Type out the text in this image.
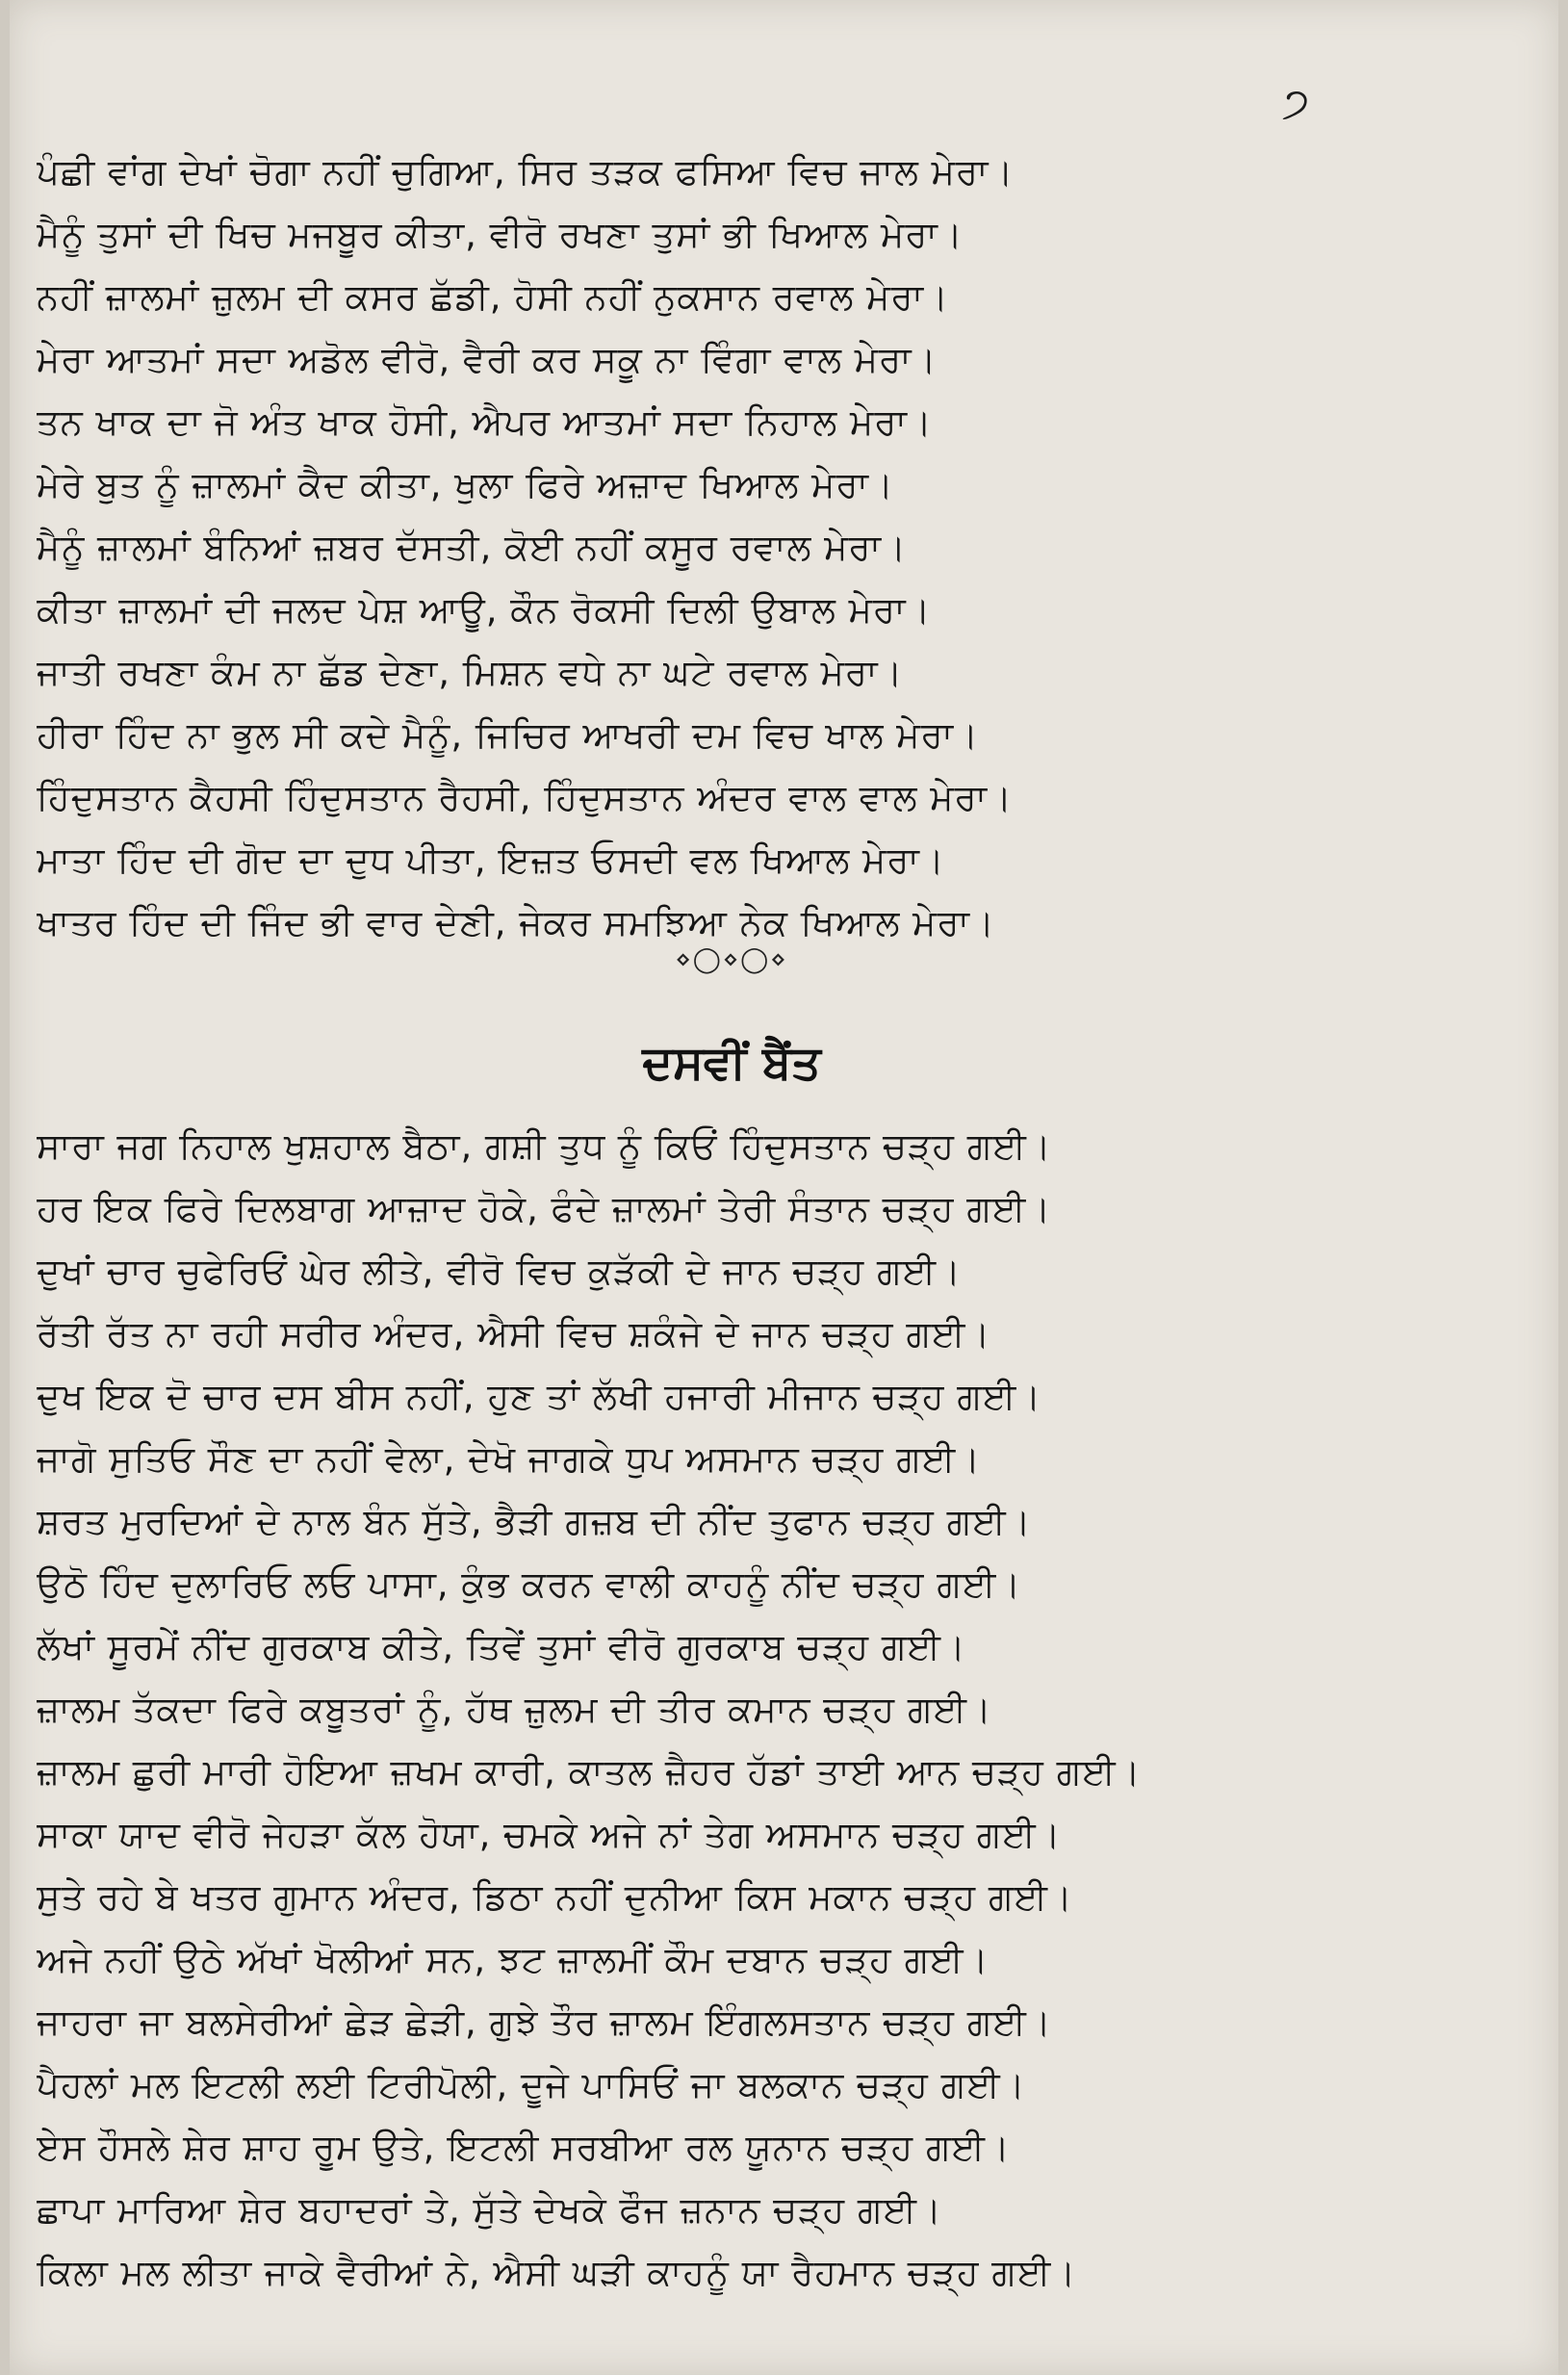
੭
ਪੰਛੀ ਵਾਂਗ ਦੇਖਾਂ ਚੋਗਾ ਨਹੀਂ ਚੁਗਿਆ, ਸਿਰ ਤੜਕ ਫਸਿਆ ਵਿਚ ਜਾਲ ਮੇਰਾ।
ਮੈਨੂੰ ਤੁਸਾਂ ਦੀ ਖਿਚ ਮਜਬੂਰ ਕੀਤਾ, ਵੀਰੋ ਰਖਣਾ ਤੁਸਾਂ ਭੀ ਖਿਆਲ ਮੇਰਾ।
ਨਹੀਂ ਜ਼ਾਲਮਾਂ ਜ਼ੁਲਮ ਦੀ ਕਸਰ ਛੱਡੀ, ਹੋਸੀ ਨਹੀਂ ਨੁਕਸਾਨ ਰਵਾਲ ਮੇਰਾ।
ਮੇਰਾ ਆਤਮਾਂ ਸਦਾ ਅਡੋਲ ਵੀਰੋ, ਵੈਰੀ ਕਰ ਸਕੂ ਨਾ ਵਿੰਗਾ ਵਾਲ ਮੇਰਾ।
ਤਨ ਖਾਕ ਦਾ ਜੋ ਅੰਤ ਖਾਕ ਹੋਸੀ, ਐਪਰ ਆਤਮਾਂ ਸਦਾ ਨਿਹਾਲ ਮੇਰਾ।
ਮੇਰੇ ਬੁਤ ਨੂੰ ਜ਼ਾਲਮਾਂ ਕੈਦ ਕੀਤਾ, ਖੁਲਾ ਫਿਰੇ ਅਜ਼ਾਦ ਖਿਆਲ ਮੇਰਾ।
ਮੈਨੂੰ ਜ਼ਾਲਮਾਂ ਬੰਨਿਆਂ ਜ਼ਬਰ ਦੱਸਤੀ, ਕੋਈ ਨਹੀਂ ਕਸੂਰ ਰਵਾਲ ਮੇਰਾ।
ਕੀਤਾ ਜ਼ਾਲਮਾਂ ਦੀ ਜਲਦ ਪੇਸ਼ ਆਊ, ਕੌਨ ਰੋਕਸੀ ਦਿਲੀ ਉਬਾਲ ਮੇਰਾ।
ਜਾਤੀ ਰਖਣਾ ਕੰਮ ਨਾ ਛੱਡ ਦੇਣਾ, ਮਿਸ਼ਨ ਵਧੇ ਨਾ ਘਟੇ ਰਵਾਲ ਮੇਰਾ।
ਹੀਰਾ ਹਿੰਦ ਨਾ ਭੁਲ ਸੀ ਕਦੇ ਮੈਨੂੰ, ਜਿਚਿਰ ਆਖਰੀ ਦਮ ਵਿਚ ਖਾਲ ਮੇਰਾ।
ਹਿੰਦੁਸਤਾਨ ਕੈਹਸੀ ਹਿੰਦੁਸਤਾਨ ਰੈਹਸੀ, ਹਿੰਦੁਸਤਾਨ ਅੰਦਰ ਵਾਲ ਵਾਲ ਮੇਰਾ।
ਮਾਤਾ ਹਿੰਦ ਦੀ ਗੋਦ ਦਾ ਦੁਧ ਪੀਤਾ, ਇਜ਼ਤ ਓਸਦੀ ਵਲ ਖਿਆਲ ਮੇਰਾ।
ਖਾਤਰ ਹਿੰਦ ਦੀ ਜਿੰਦ ਭੀ ਵਾਰ ਦੇਣੀ, ਜੇਕਰ ਸਮਝਿਆ ਨੇਕ ਖਿਆਲ ਮੇਰਾ।
⋄◯⋄◯⋄
ਦਸਵੀਂ ਬੈਂਤ
ਸਾਰਾ ਜਗ ਨਿਹਾਲ ਖੁਸ਼ਹਾਲ ਬੈਠਾ, ਗਸ਼ੀ ਤੁਧ ਨੂੰ ਕਿਓਂ ਹਿੰਦੁਸਤਾਨ ਚੜ੍ਹ ਗਈ।
ਹਰ ਇਕ ਫਿਰੇ ਦਿਲਬਾਗ ਆਜ਼ਾਦ ਹੋਕੇ, ਫੰਦੇ ਜ਼ਾਲਮਾਂ ਤੇਰੀ ਸੰਤਾਨ ਚੜ੍ਹ ਗਈ।
ਦੁਖਾਂ ਚਾਰ ਚੁਫੇਰਿਓਂ ਘੇਰ ਲੀਤੇ, ਵੀਰੋ ਵਿਚ ਕੁੜੱਕੀ ਦੇ ਜਾਨ ਚੜ੍ਹ ਗਈ।
ਰੱਤੀ ਰੱਤ ਨਾ ਰਹੀ ਸਰੀਰ ਅੰਦਰ, ਐਸੀ ਵਿਚ ਸ਼ਕੰਜੇ ਦੇ ਜਾਨ ਚੜ੍ਹ ਗਈ।
ਦੁਖ ਇਕ ਦੋ ਚਾਰ ਦਸ ਬੀਸ ਨਹੀਂ, ਹੁਣ ਤਾਂ ਲੱਖੀ ਹਜਾਰੀ ਮੀਜਾਨ ਚੜ੍ਹ ਗਈ।
ਜਾਗੋ ਸੁਤਿਓ ਸੌਣ ਦਾ ਨਹੀਂ ਵੇਲਾ, ਦੇਖੋ ਜਾਗਕੇ ਧੁਪ ਅਸਮਾਨ ਚੜ੍ਹ ਗਈ।
ਸ਼ਰਤ ਮੁਰਦਿਆਂ ਦੇ ਨਾਲ ਬੰਨ ਸੁੱਤੇ, ਭੈੜੀ ਗਜ਼ਬ ਦੀ ਨੀਂਦ ਤੁਫਾਨ ਚੜ੍ਹ ਗਈ।
ਉਠੋ ਹਿੰਦ ਦੁਲਾਰਿਓ ਲਓ ਪਾਸਾ, ਕੁੰਭ ਕਰਨ ਵਾਲੀ ਕਾਹਨੂੰ ਨੀਂਦ ਚੜ੍ਹ ਗਈ।
ਲੱਖਾਂ ਸੂਰਮੇਂ ਨੀਂਦ ਗੁਰਕਾਬ ਕੀਤੇ, ਤਿਵੇਂ ਤੁਸਾਂ ਵੀਰੋ ਗੁਰਕਾਬ ਚੜ੍ਹ ਗਈ।
ਜ਼ਾਲਮ ਤੱਕਦਾ ਫਿਰੇ ਕਬੂਤਰਾਂ ਨੂੰ, ਹੱਥ ਜ਼ੁਲਮ ਦੀ ਤੀਰ ਕਮਾਨ ਚੜ੍ਹ ਗਈ।
ਜ਼ਾਲਮ ਛੁਰੀ ਮਾਰੀ ਹੋਇਆ ਜ਼ਖਮ ਕਾਰੀ, ਕਾਤਲ ਜ਼ੈਹਰ ਹੱਡਾਂ ਤਾਈ ਆਨ ਚੜ੍ਹ ਗਈ।
ਸਾਕਾ ਯਾਦ ਵੀਰੋ ਜੇਹੜਾ ਕੱਲ ਹੋਯਾ, ਚਮਕੇ ਅਜੇ ਨਾਂ ਤੇਗ ਅਸਮਾਨ ਚੜ੍ਹ ਗਈ।
ਸੁਤੇ ਰਹੇ ਬੇ ਖਤਰ ਗੁਮਾਨ ਅੰਦਰ, ਡਿਠਾ ਨਹੀਂ ਦੁਨੀਆ ਕਿਸ ਮਕਾਨ ਚੜ੍ਹ ਗਈ।
ਅਜੇ ਨਹੀਂ ਉਠੇ ਅੱਖਾਂ ਖੋਲੀਆਂ ਸਨ, ਝਟ ਜ਼ਾਲਮੀਂ ਕੌਮ ਦਬਾਨ ਚੜ੍ਹ ਗਈ।
ਜਾਹਰਾ ਜਾ ਬਲਸੇਰੀਆਂ ਛੇੜ ਛੇੜੀ, ਗੁਝੇ ਤੌਰ ਜ਼ਾਲਮ ਇੰਗਲਸਤਾਨ ਚੜ੍ਹ ਗਈ।
ਪੈਹਲਾਂ ਮਲ ਇਟਲੀ ਲਈ ਟਿਰੀਪੋਲੀ, ਦੂਜੇ ਪਾਸਿਓਂ ਜਾ ਬਲਕਾਨ ਚੜ੍ਹ ਗਈ।
ਏਸ ਹੌਸਲੇ ਸ਼ੇਰ ਸ਼ਾਹ ਰੂਮ ਉਤੇ, ਇਟਲੀ ਸਰਬੀਆ ਰਲ ਯੂਨਾਨ ਚੜ੍ਹ ਗਈ।
ਛਾਪਾ ਮਾਰਿਆ ਸ਼ੇਰ ਬਹਾਦਰਾਂ ਤੇ, ਸੁੱਤੇ ਦੇਖਕੇ ਫੌਜ ਜ਼ਨਾਨ ਚੜ੍ਹ ਗਈ।
ਕਿਲਾ ਮਲ ਲੀਤਾ ਜਾਕੇ ਵੈਰੀਆਂ ਨੇ, ਐਸੀ ਘੜੀ ਕਾਹਨੂੰ ਯਾ ਰੈਹਮਾਨ ਚੜ੍ਹ ਗਈ।
